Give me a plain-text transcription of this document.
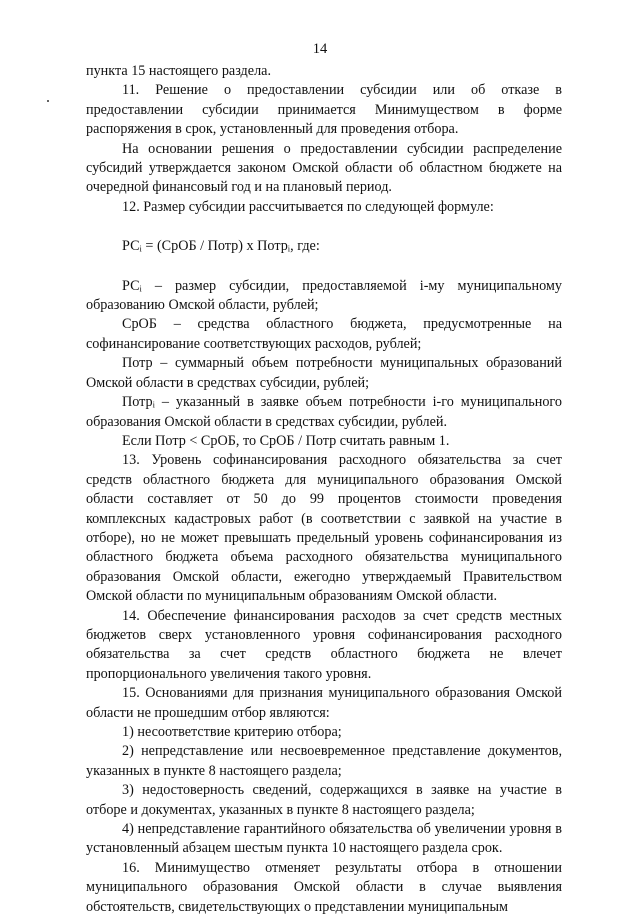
14

пункта 15 настоящего раздела.

11. Решение о предоставлении субсидии или об отказе в предоставлении субсидии принимается Минимуществом в форме распоряжения в срок, установленный для проведения отбора.

На основании решения о предоставлении субсидии распределение субсидий утверждается законом Омской области об областном бюджете на очередной финансовый год и на плановый период.

12. Размер субсидии рассчитывается по следующей формуле:

РСᵢ = (СрОБ / Потр) х Потрᵢ, где:

РСᵢ – размер субсидии, предоставляемой i-му муниципальному образованию Омской области, рублей;

СрОБ – средства областного бюджета, предусмотренные на софинансирование соответствующих расходов, рублей;

Потр – суммарный объем потребности муниципальных образований Омской области в средствах субсидии, рублей;

Потрᵢ – указанный в заявке объем потребности i-го муниципального образования Омской области в средствах субсидии, рублей.

Если Потр < СрОБ, то СрОБ / Потр считать равным 1.

13. Уровень софинансирования расходного обязательства за счет средств областного бюджета для муниципального образования Омской области составляет от 50 до 99 процентов стоимости проведения комплексных кадастровых работ (в соответствии с заявкой на участие в отборе), но не может превышать предельный уровень софинансирования из областного бюджета объема расходного обязательства муниципального образования Омской области, ежегодно утверждаемый Правительством Омской области по муниципальным образованиям Омской области.

14. Обеспечение финансирования расходов за счет средств местных бюджетов сверх установленного уровня софинансирования расходного обязательства за счет средств областного бюджета не влечет пропорционального увеличения такого уровня.

15. Основаниями для признания муниципального образования Омской области не прошедшим отбор являются:

1) несоответствие критерию отбора;

2) непредставление или несвоевременное представление документов, указанных в пункте 8 настоящего раздела;

3) недостоверность сведений, содержащихся в заявке на участие в отборе и документах, указанных в пункте 8 настоящего раздела;

4) непредставление гарантийного обязательства об увеличении уровня в установленный абзацем шестым пункта 10 настоящего раздела срок.

16. Минимущество отменяет результаты отбора в отношении муниципального образования Омской области в случае выявления обстоятельств, свидетельствующих о представлении муниципальным
